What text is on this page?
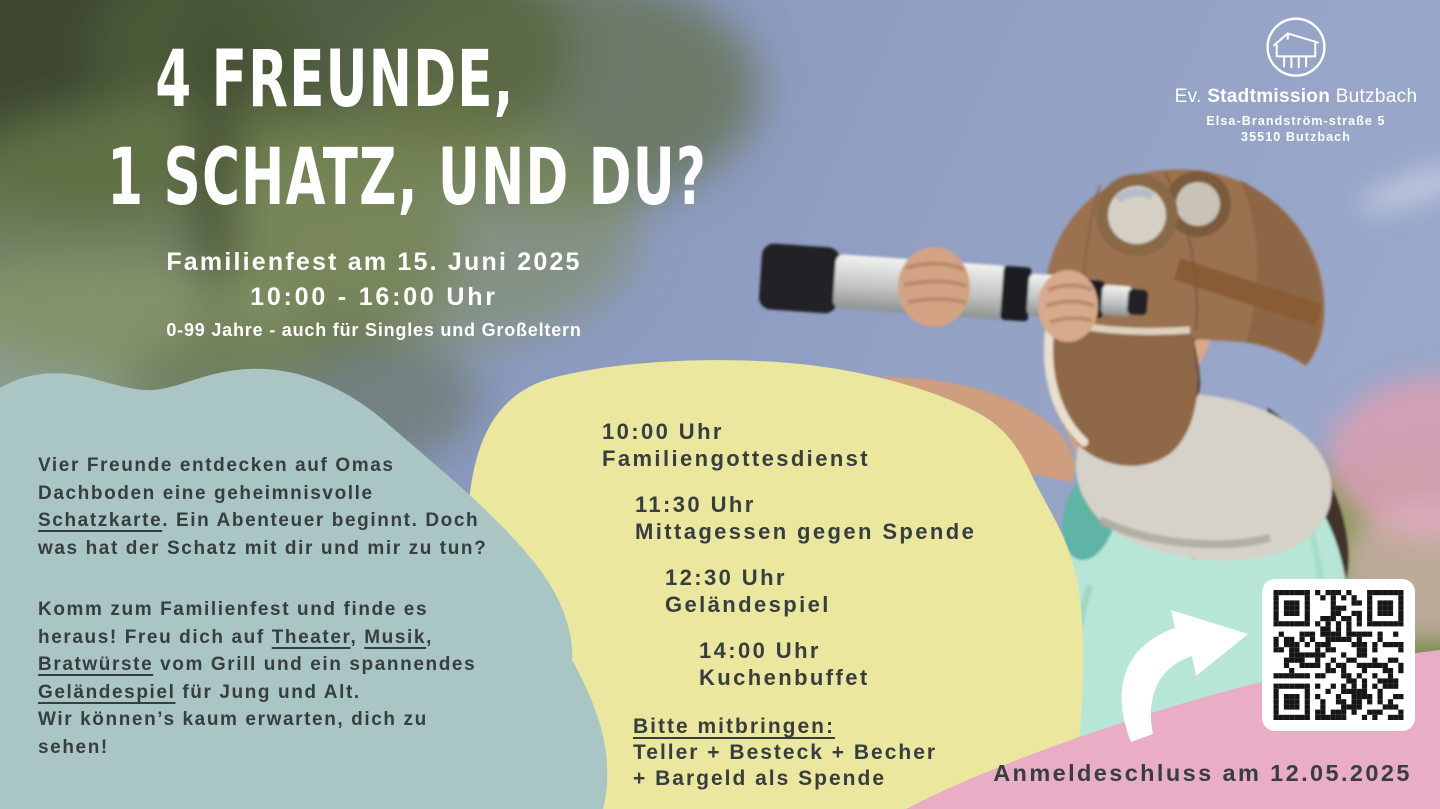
Ev. Stadtmission Butzbach
Elsa-Brandström-straße 5
35510 Butzbach
4 FREUNDE,
1 SCHATZ, UND DU?
Familienfest am 15. Juni 2025
10:00 - 16:00 Uhr
0-99 Jahre - auch für Singles und Großeltern
Vier Freunde entdecken auf Omas
Dachboden eine geheimnisvolle
Schatzkarte. Ein Abenteuer beginnt. Doch
was hat der Schatz mit dir und mir zu tun?
Komm zum Familienfest und finde es
heraus! Freu dich auf Theater, Musik,
Bratwürste vom Grill und ein spannendes
Geländespiel für Jung und Alt.
Wir können’s kaum erwarten, dich zu
sehen!
10:00 Uhr
Familiengottesdienst
11:30 Uhr
Mittagessen gegen Spende
12:30 Uhr
Geländespiel
14:00 Uhr
Kuchenbuffet
Bitte mitbringen:
Teller + Besteck + Becher
+ Bargeld als Spende	Anmeldeschluss am 12.05.2025
